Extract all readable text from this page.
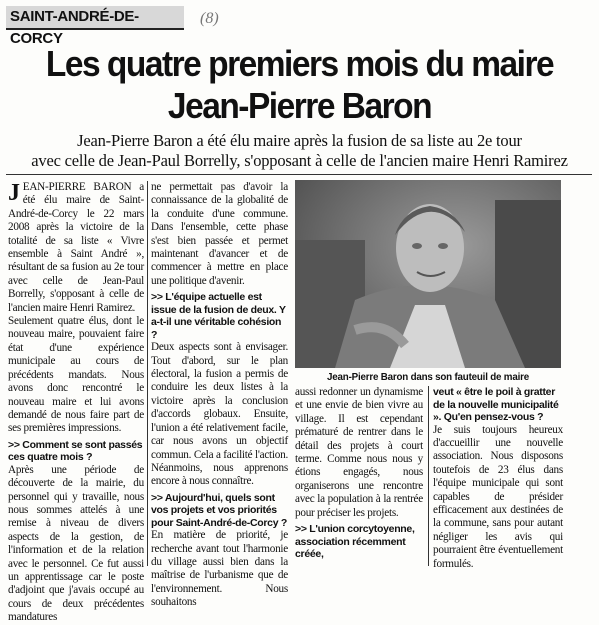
SAINT-ANDRÉ-DE-CORCY
(8)
Les quatre premiers mois du maire
Jean-Pierre Baron
Jean-Pierre Baron a été élu maire après la fusion de sa liste au 2e tour
avec celle de Jean-Paul Borrelly, s'opposant à celle de l'ancien maire Henri Ramirez

JEAN-PIERRE BARON a été élu maire de Saint-André-de-Corcy le 22 mars 2008 après la victoire de la totalité de sa liste « Vivre ensemble à Saint André », résultant de sa fusion au 2e tour avec celle de Jean-Paul Borrelly, s'opposant à celle de l'ancien maire Henri Ramirez.

Seulement quatre élus, dont le nouveau maire, pouvaient faire état d'une expérience municipale au cours de précédents mandats. Nous avons donc rencontré le nouveau maire et lui avons demandé de nous faire part de ses premières impressions.

>> Comment se sont passés ces quatre mois ?

Après une période de découverte de la mairie, du personnel qui y travaille, nous nous sommes attelés à une remise à niveau de divers aspects de la gestion, de l'information et de la relation avec le personnel. Ce fut aussi un apprentissage car le poste d'adjoint que j'avais occupé au cours de deux précédentes mandatures

ne permettait pas d'avoir la connaissance de la globalité de la conduite d'une commune. Dans l'ensemble, cette phase s'est bien passée et permet maintenant d'avancer et de commencer à mettre en place une politique d'avenir.

>> L'équipe actuelle est issue de la fusion de deux. Y a-t-il une véritable cohésion ?

Deux aspects sont à envisager. Tout d'abord, sur le plan électoral, la fusion a permis de conduire les deux listes à la victoire après la conclusion d'accords globaux. Ensuite, l'union a été relativement facile, car nous avons un objectif commun. Cela a facilité l'action. Néanmoins, nous apprenons encore à nous connaître.

>> Aujourd'hui, quels sont vos projets et vos priorités pour Saint-André-de-Corcy ?

En matière de priorité, je recherche avant tout l'harmonie du village aussi bien dans la maîtrise de l'urbanisme que de l'environnement. Nous souhaitons

Jean-Pierre Baron dans son fauteuil de maire

aussi redonner un dynamisme et une envie de bien vivre au village. Il est cependant prématuré de rentrer dans le détail des projets à court terme. Comme nous nous y étions engagés, nous organiserons une rencontre avec la population à la rentrée pour préciser les projets.

>> L'union corcytoyenne, association récemment créée,

veut « être le poil à gratter de la nouvelle municipalité ». Qu'en pensez-vous ?

Je suis toujours heureux d'accueillir une nouvelle association. Nous disposons toutefois de 23 élus dans l'équipe municipale qui sont capables de présider efficacement aux destinées de la commune, sans pour autant négliger les avis qui pourraient être éventuellement formulés.
